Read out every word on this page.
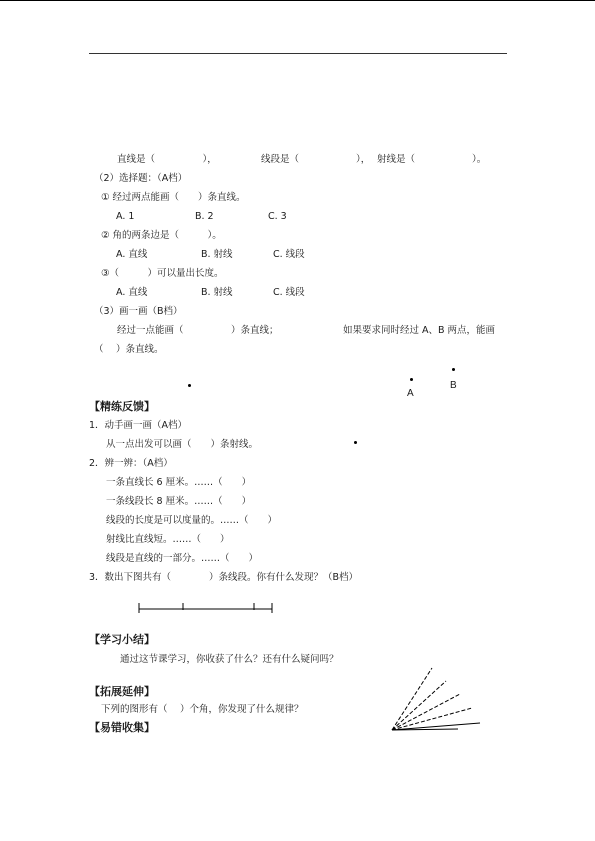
直线是（　　　　　），	线段是（　　　　　　）， 射线是（　　　　　　）。
（2）选择题：（A档）
① 经过两点能画（　　）条直线。
A. 1	B. 2	C. 3
② 角的两条边是（　　　）。
A. 直线	B. 射线	C. 线段
③（　　　）可以量出长度。
A. 直线	B. 射线	C. 线段
（3）画一画（B档）
经过一点能画（　　　　　）条直线；	如果要求同时经过 A、B 两点，能画
（　 ）条直线。
A
B
【精练反馈】
1．动手画一画（A档）
从一点出发可以画（　　）条射线。
2．辨一辨：（A档）
一条直线长 6 厘米。……（　　）
一条线段长 8 厘米。……（　　）
线段的长度是可以度量的。……（　　）
射线比直线短。……（　　）
线段是直线的一部分。……（　　）
3．数出下图共有（　　　　）条线段。你有什么发现？（B档）
【学习小结】
通过这节课学习，你收获了什么？还有什么疑问吗？
【拓展延伸】
下列的图形有（　 ）个角，你发现了什么规律？
【易错收集】
